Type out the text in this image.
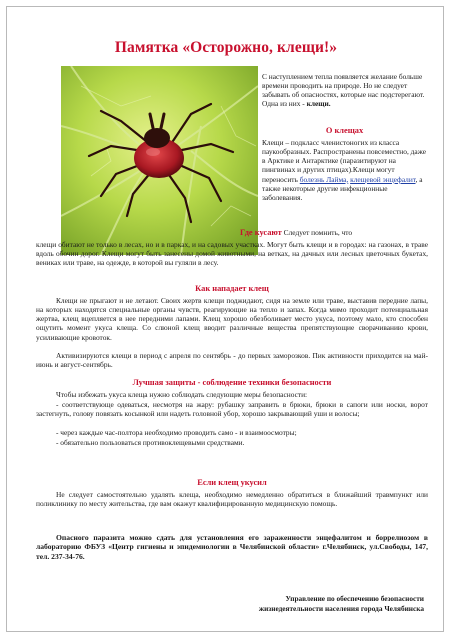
Памятка «Осторожно, клещи!»
С наступлением тепла появляется желание больше времени проводить на природе. Но не следует забывать об опасностях, которые нас подстерегают. Одна из них - клещи.
О клещах
Клещи – подкласс членистоногих из класса паукообразных. Распространены повсеместно, даже в Арктике и Антарктике (паразитируют на пингвинах и других птицах).Клещи могут переносить болезнь Лайма, клещевой энцефалит, а также некоторые другие инфекционные заболевания.
Где кусают Следует помнить, что
клещи обитают не только в лесах, но и в парках, и на садовых участках. Могут быть клещи и в городах: на газонах, в траве вдоль обочин дорог. Клещи могут быть занесены домой животными, на ветках, на дачных или лесных цветочных букетах, вениках или траве, на одежде, в которой вы гуляли в лесу.
Как нападает клещ
Клещи не прыгают и не летают. Своих жертв клещи поджидают, сидя на земле или траве, выставив передние лапы, на которых находятся специальные органы чувств, реагирующие на тепло и запах. Когда мимо проходит потенциальная жертва, клещ вцепляется в нее передними лапами. Клещ хорошо обезболивает место укуса, поэтому мало, кто способен ощутить момент укуса клеща. Со слюной клещ вводит различные вещества препятствующие сворачиванию крови, усиливающие кровоток.
Активизируются клещи в период с апреля по сентябрь - до первых заморозков. Пик активности приходится на май-июнь и август-сентябрь.
Лучшая защиты - соблюдение техники безопасности
Чтобы избежать укуса клеща нужно соблюдать следующие меры безопасности:
- соответствующе одеваться, несмотря на жару: рубашку заправить в брюки, брюки в сапоги или носки, ворот застегнуть, голову повязать косынкой или надеть головной убор, хорошо закрывающий уши и волосы;
- через каждые час-полтора необходимо проводить само - и взаимоосмотры;
- обязательно пользоваться противоклещевыми средствами.
Если клещ укусил
Не следует самостоятельно удалять клеща, необходимо немедленно обратиться в ближайший травмпункт или поликлинику по месту жительства, где вам окажут квалифицированную медицинскую помощь.
Опасного паразита можно сдать для установления его зараженности энцефалитом и боррелиозом в лабораторию ФБУЗ «Центр гигиены и эпидемиологии в Челябинской области» г.Челябинск, ул.Свободы, 147, тел. 237-34-76.
Управление по обеспечению безопасности
жизнедеятельности населения города Челябинска
